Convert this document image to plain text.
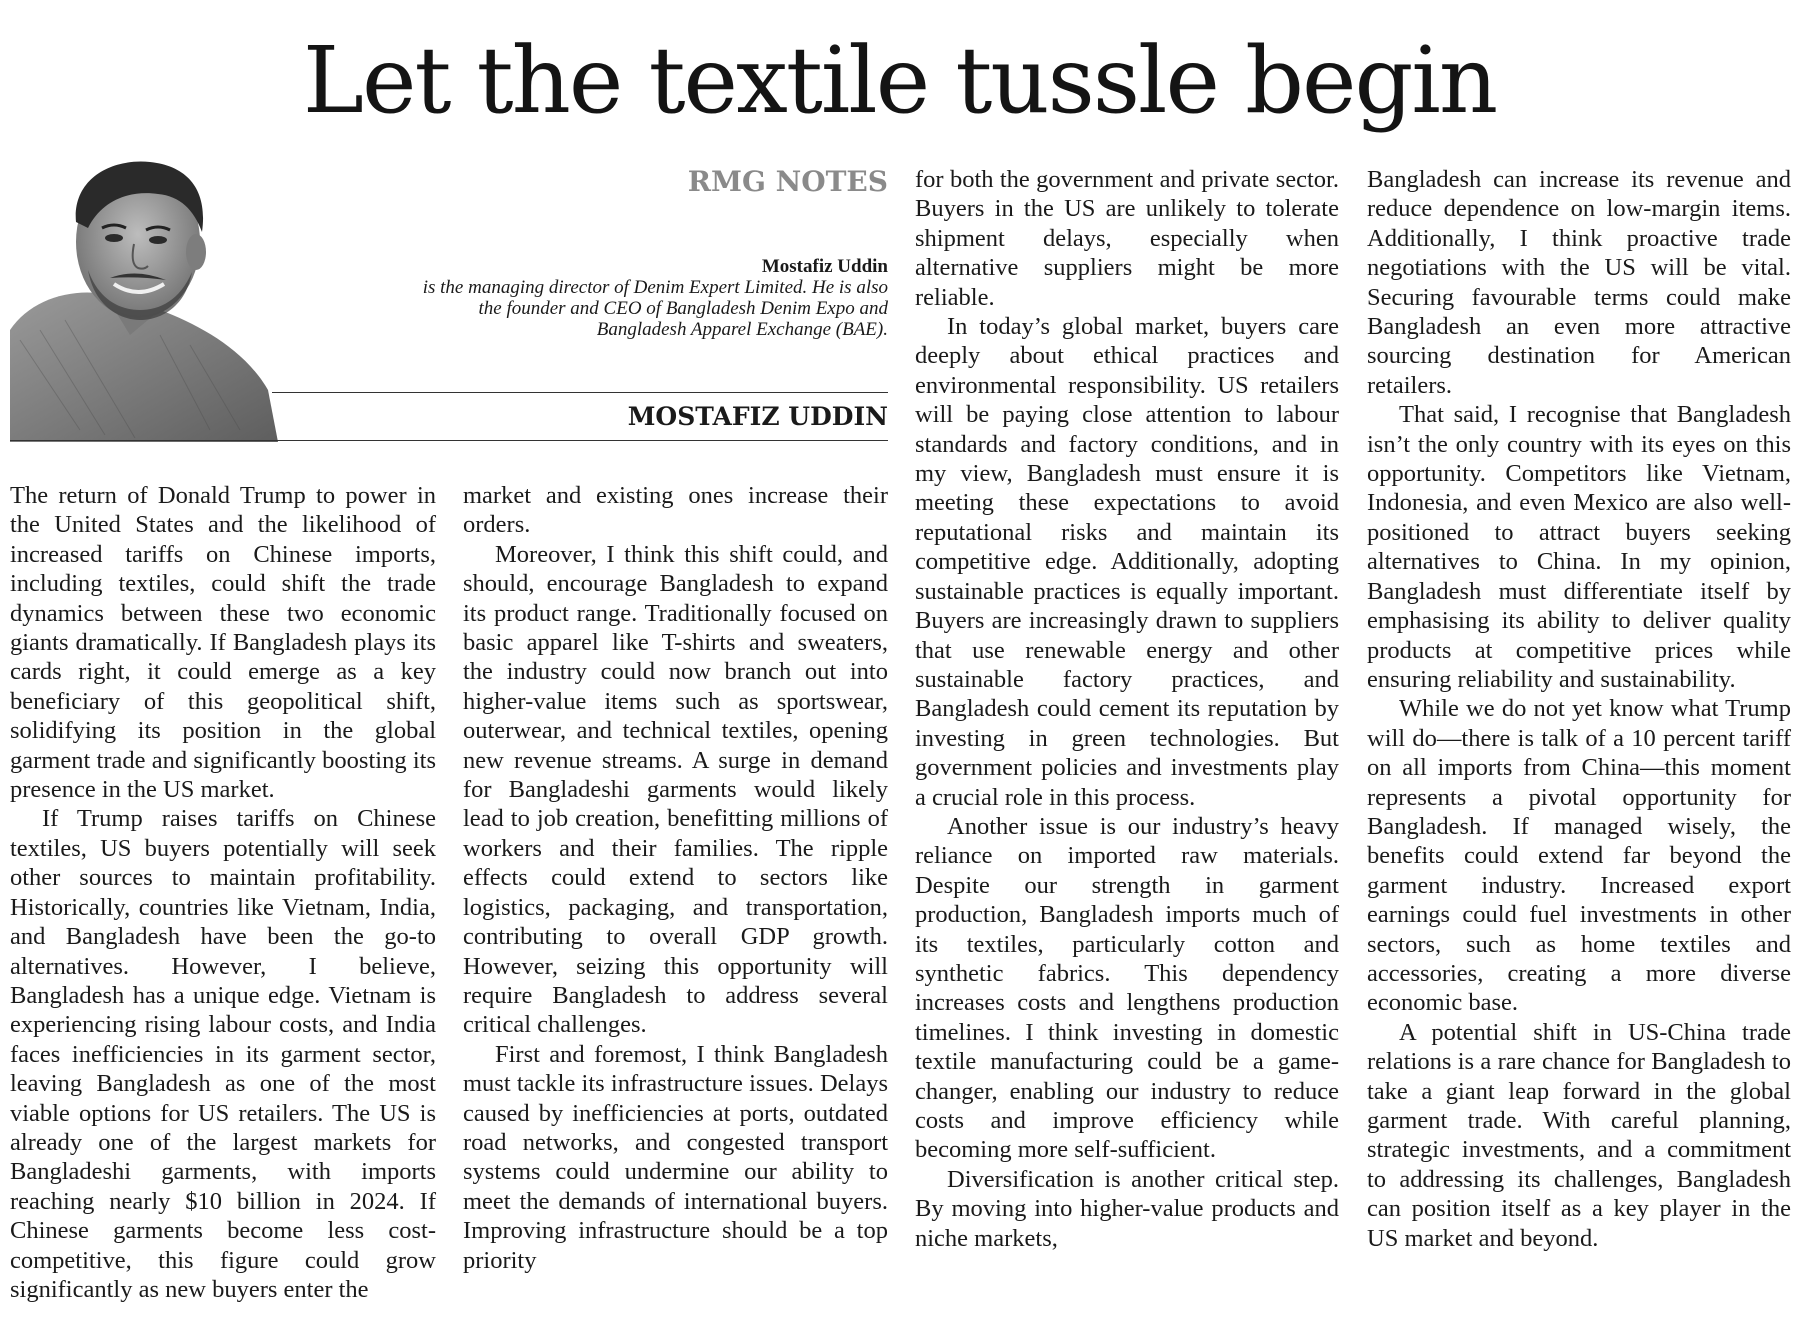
Let the textile tussle begin
RMG NOTES
Mostafiz Uddin
is the managing director of Denim Expert Limited. He is also the founder and CEO of Bangladesh Denim Expo and Bangladesh Apparel Exchange (BAE).
MOSTAFIZ UDDIN

The return of Donald Trump to power in the United States and the likelihood of increased tariffs on Chinese imports, including textiles, could shift the trade dynamics between these two economic giants dramatically. If Bangladesh plays its cards right, it could emerge as a key beneficiary of this geopolitical shift, solidifying its position in the global garment trade and significantly boosting its presence in the US market.

If Trump raises tariffs on Chinese textiles, US buyers potentially will seek other sources to maintain profitability. Historically, countries like Vietnam, India, and Bangladesh have been the go-to alternatives. However, I believe, Bangladesh has a unique edge. Vietnam is experiencing rising labour costs, and India faces inefficiencies in its garment sector, leaving Bangladesh as one of the most viable options for US retailers. The US is already one of the largest markets for Bangladeshi garments, with imports reaching nearly $10 billion in 2024. If Chinese garments become less cost-competitive, this figure could grow significantly as new buyers enter the

market and existing ones increase their orders.

Moreover, I think this shift could, and should, encourage Bangladesh to expand its product range. Traditionally focused on basic apparel like T-shirts and sweaters, the industry could now branch out into higher-value items such as sportswear, outerwear, and technical textiles, opening new revenue streams. A surge in demand for Bangladeshi garments would likely lead to job creation, benefitting millions of workers and their families. The ripple effects could extend to sectors like logistics, packaging, and transportation, contributing to overall GDP growth. However, seizing this opportunity will require Bangladesh to address several critical challenges.

First and foremost, I think Bangladesh must tackle its infrastructure issues. Delays caused by inefficiencies at ports, outdated road networks, and congested transport systems could undermine our ability to meet the demands of international buyers. Improving infrastructure should be a top priority

for both the government and private sector. Buyers in the US are unlikely to tolerate shipment delays, especially when alternative suppliers might be more reliable.

In today’s global market, buyers care deeply about ethical practices and environmental responsibility. US retailers will be paying close attention to labour standards and factory conditions, and in my view, Bangladesh must ensure it is meeting these expectations to avoid reputational risks and maintain its competitive edge. Additionally, adopting sustainable practices is equally important. Buyers are increasingly drawn to suppliers that use renewable energy and other sustainable factory practices, and Bangladesh could cement its reputation by investing in green technologies. But government policies and investments play a crucial role in this process.

Another issue is our industry’s heavy reliance on imported raw materials. Despite our strength in garment production, Bangladesh imports much of its textiles, particularly cotton and synthetic fabrics. This dependency increases costs and lengthens production timelines. I think investing in domestic textile manufacturing could be a game-changer, enabling our industry to reduce costs and improve efficiency while becoming more self-sufficient.

Diversification is another critical step. By moving into higher-value products and niche markets,

Bangladesh can increase its revenue and reduce dependence on low-margin items. Additionally, I think proactive trade negotiations with the US will be vital. Securing favourable terms could make Bangladesh an even more attractive sourcing destination for American retailers.

That said, I recognise that Bangladesh isn’t the only country with its eyes on this opportunity. Competitors like Vietnam, Indonesia, and even Mexico are also well-positioned to attract buyers seeking alternatives to China. In my opinion, Bangladesh must differentiate itself by emphasising its ability to deliver quality products at competitive prices while ensuring reliability and sustainability.

While we do not yet know what Trump will do—there is talk of a 10 percent tariff on all imports from China—this moment represents a pivotal opportunity for Bangladesh. If managed wisely, the benefits could extend far beyond the garment industry. Increased export earnings could fuel investments in other sectors, such as home textiles and accessories, creating a more diverse economic base.

A potential shift in US-China trade relations is a rare chance for Bangladesh to take a giant leap forward in the global garment trade. With careful planning, strategic investments, and a commitment to addressing its challenges, Bangladesh can position itself as a key player in the US market and beyond.
